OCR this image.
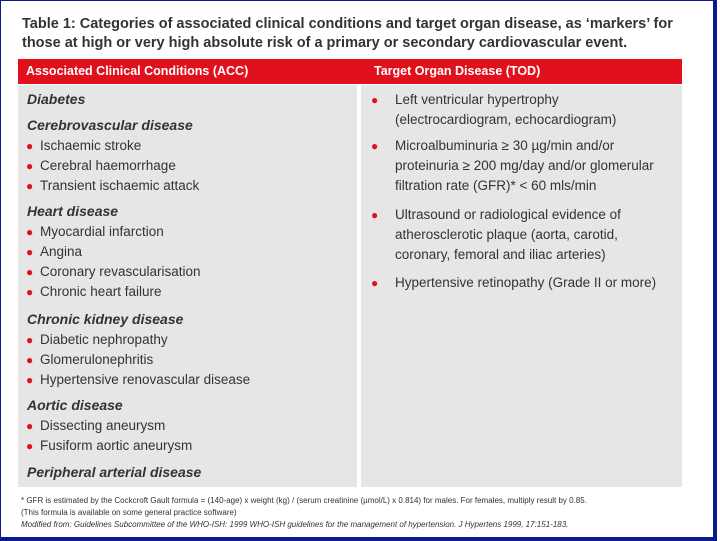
Table 1: Categories of associated clinical conditions and target organ disease, as ‘markers’ for those at high or very high absolute risk of a primary or secondary cardiovascular event.

Associated Clinical Conditions (ACC)	Target Organ Disease (TOD)
Diabetes
Cerebrovascular disease
● Ischaemic stroke
● Cerebral haemorrhage
● Transient ischaemic attack
Heart disease
● Myocardial infarction
● Angina
● Coronary revascularisation
● Chronic heart failure
Chronic kidney disease
● Diabetic nephropathy
● Glomerulonephritis
● Hypertensive renovascular disease
Aortic disease
● Dissecting aneurysm
● Fusiform aortic aneurysm
Peripheral arterial disease
●	Left ventricular hypertrophy (electrocardiogram, echocardiogram)
●	Microalbuminuria ≥ 30 µg/min and/or proteinuria ≥ 200 mg/day and/or glomerular filtration rate (GFR)* < 60 mls/min
●	Ultrasound or radiological evidence of atherosclerotic plaque (aorta, carotid, coronary, femoral and iliac arteries)
●	Hypertensive retinopathy (Grade II or more)
* GFR is estimated by the Cockcroft Gault formula = (140-age) x weight (kg) / (serum creatinine (µmol/L) x 0.814) for males. For females, multiply result by 0.85.
(This formula is available on some general practice software)
Modified from: Guidelines Subcommittee of the WHO-ISH: 1999 WHO-ISH guidelines for the management of hypertension. J Hypertens 1999, 17:151-183.
